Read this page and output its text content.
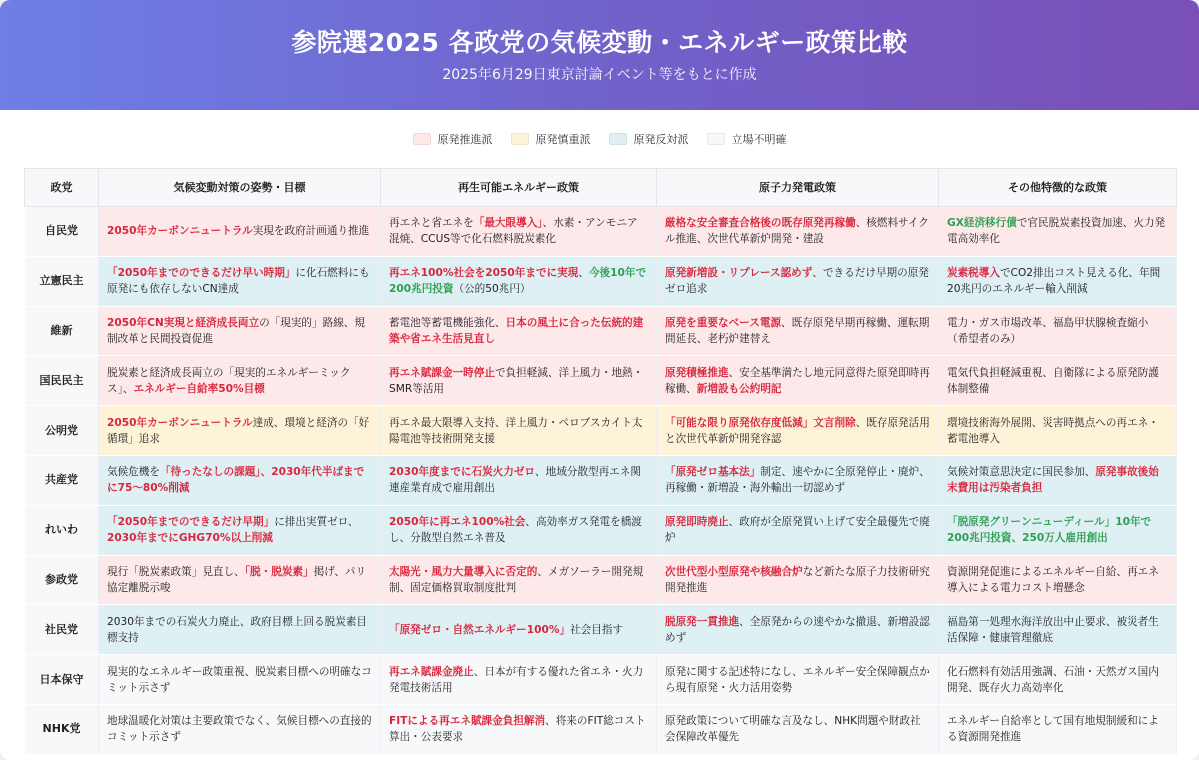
参院選2025 各政党の気候変動・エネルギー政策比較
2025年6月29日東京討論イベント等をもとに作成
原発推進派	原発慎重派	原発反対派	立場不明確
政党	気候変動対策の姿勢・目標	再生可能エネルギー政策	原子力発電政策	その他特徴的な政策
自民党	2050年カーボンニュートラル実現を政府計画通り推進	再エネと省エネを「最大限導入」、水素・アンモニア混焼、CCUS等で化石燃料脱炭素化	厳格な安全審査合格後の既存原発再稼働、核燃料サイクル推進、次世代革新炉開発・建設	GX経済移行債で官民脱炭素投資加速、火力発電高効率化
立憲民主	「2050年までのできるだけ早い時期」に化石燃料にも原発にも依存しないCN達成	再エネ100%社会を2050年までに実現、今後10年で200兆円投資（公的50兆円）	原発新増設・リプレース認めず、できるだけ早期の原発ゼロ追求	炭素税導入でCO2排出コスト見える化、年間20兆円のエネルギー輸入削減
維新	2050年CN実現と経済成長両立の「現実的」路線、規制改革と民間投資促進	蓄電池等蓄電機能強化、日本の風土に合った伝統的建築や省エネ生活見直し	原発を重要なベース電源、既存原発早期再稼働、運転期間延長、老朽炉建替え	電力・ガス市場改革、福島甲状腺検査縮小（希望者のみ）
国民民主	脱炭素と経済成長両立の「現実的エネルギーミックス」、エネルギー自給率50%目標	再エネ賦課金一時停止で負担軽減、洋上風力・地熱・SMR等活用	原発積極推進、安全基準満たし地元同意得た原発即時再稼働、新増設も公約明記	電気代負担軽減重視、自衛隊による原発防護体制整備
公明党	2050年カーボンニュートラル達成、環境と経済の「好循環」追求	再エネ最大限導入支持、洋上風力・ペロブスカイト太陽電池等技術開発支援	「可能な限り原発依存度低減」文言削除、既存原発活用と次世代革新炉開発容認	環境技術海外展開、災害時拠点への再エネ・蓄電池導入
共産党	気候危機を「待ったなしの課題」、2030年代半ばまでに75〜80%削減	2030年度までに石炭火力ゼロ、地域分散型再エネ関連産業育成で雇用創出	「原発ゼロ基本法」制定、速やかに全原発停止・廃炉、再稼働・新増設・海外輸出一切認めず	気候対策意思決定に国民参加、原発事故後始末費用は汚染者負担
れいわ	「2050年までのできるだけ早期」に排出実質ゼロ、2030年までにGHG70%以上削減	2050年に再エネ100%社会、高効率ガス発電を橋渡し、分散型自然エネ普及	原発即時廃止、政府が全原発買い上げて安全最優先で廃炉	「脱原発グリーンニューディール」10年で200兆円投資、250万人雇用創出
参政党	現行「脱炭素政策」見直し、「脱・脱炭素」掲げ、パリ協定離脱示唆	太陽光・風力大量導入に否定的、メガソーラー開発規制、固定価格買取制度批判	次世代型小型原発や核融合炉など新たな原子力技術研究開発推進	資源開発促進によるエネルギー自給、再エネ導入による電力コスト増懸念
社民党	2030年までの石炭火力廃止、政府目標上回る脱炭素目標支持	「原発ゼロ・自然エネルギー100%」社会目指す	脱原発一貫推進、全原発からの速やかな撤退、新増設認めず	福島第一処理水海洋放出中止要求、被災者生活保障・健康管理徹底
日本保守	現実的なエネルギー政策重視、脱炭素目標への明確なコミット示さず	再エネ賦課金廃止、日本が有する優れた省エネ・火力発電技術活用	原発に関する記述特になし、エネルギー安全保障観点から現有原発・火力活用姿勢	化石燃料有効活用強調、石油・天然ガス国内開発、既存火力高効率化
NHK党	地球温暖化対策は主要政策でなく、気候目標への直接的コミット示さず	FITによる再エネ賦課金負担解消、将来のFIT総コスト算出・公表要求	原発政策について明確な言及なし、NHK問題や財政社会保障改革優先	エネルギー自給率として国有地規制緩和による資源開発推進
